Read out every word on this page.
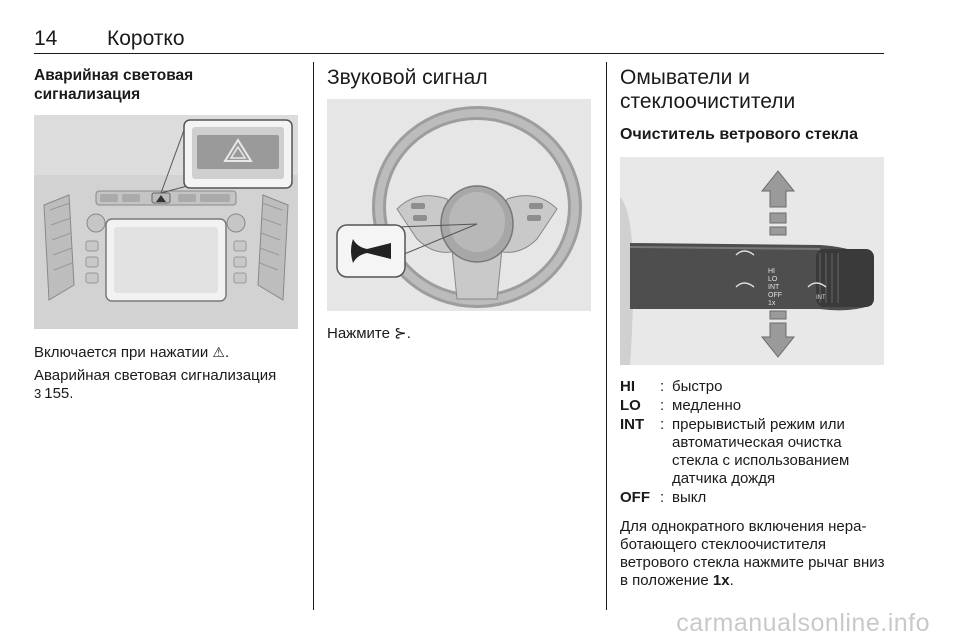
14 Коротко
Аварийная световая сигнализация
Включается при нажатии ⚠.
Аварийная световая сигнализация
3 155.
Звуковой сигнал
Нажмите ⊱.
Омыватели и
стеклоочистители
Очиститель ветрового стекла
HI
LO
INT
OFF
1x
INT
HI	: быстро
LO	: медленно
INT	: прерывистый режим или автоматическая очистка стекла с использованием датчика дождя
OFF : выкл
Для однократного включения нера-ботающего стеклоочистителя ветрового стекла нажмите рычаг вниз в положение 1x.
carmanualsonline.info
